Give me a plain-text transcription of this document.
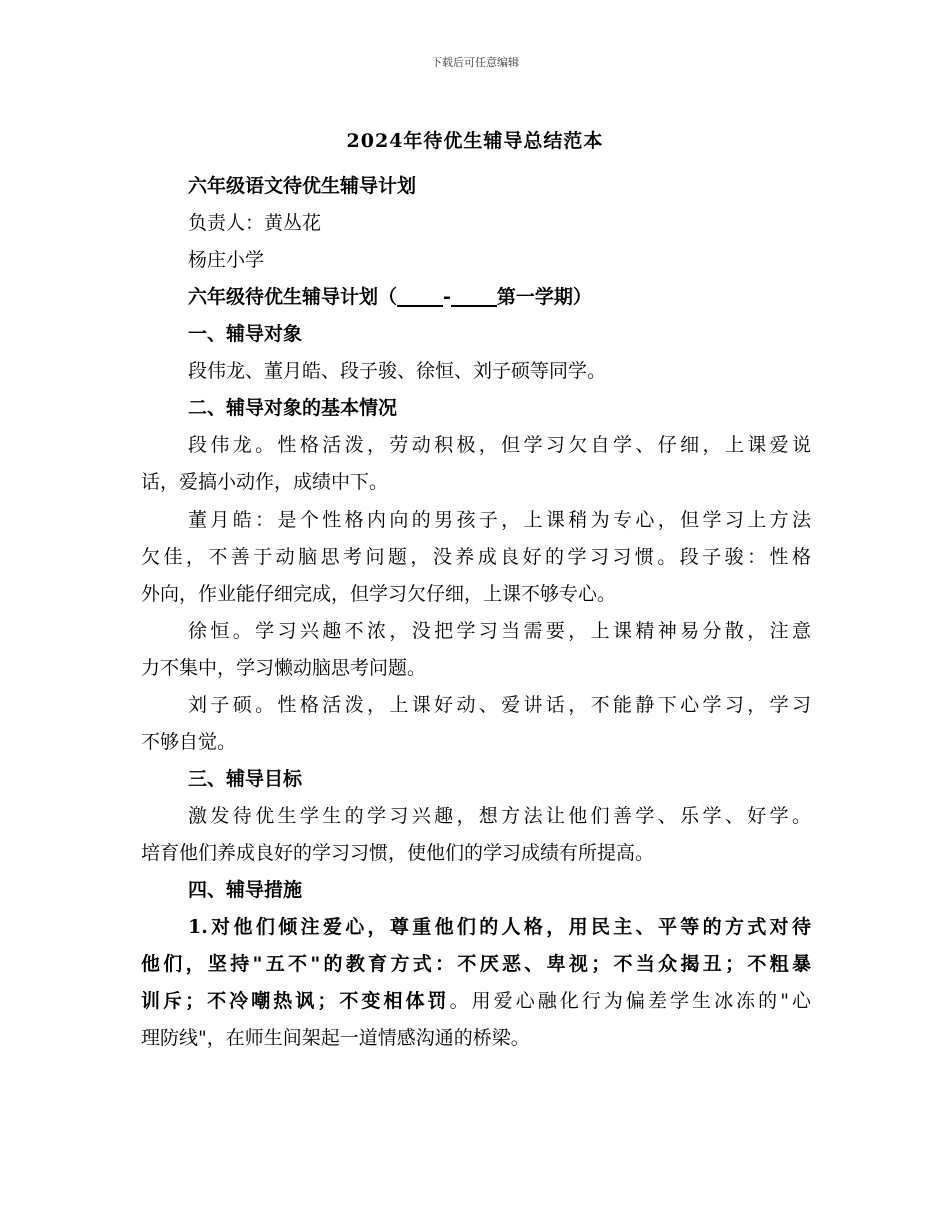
下载后可任意编辑
2024年待优生辅导总结范本
六年级语文待优生辅导计划
负责人：黄丛花
杨庄小学
六年级待优生辅导计划（ - 第一学期）
一、辅导对象
段伟龙、董月皓、段子骏、徐恒、刘子硕等同学。
二、辅导对象的基本情况
段伟龙。性格活泼，劳动积极，但学习欠自学、仔细，上课爱说
话，爱搞小动作，成绩中下。
董月皓：是个性格内向的男孩子，上课稍为专心，但学习上方法
欠佳，不善于动脑思考问题，没养成良好的学习习惯。段子骏：性格
外向，作业能仔细完成，但学习欠仔细，上课不够专心。
徐恒。学习兴趣不浓，没把学习当需要，上课精神易分散，注意
力不集中，学习懒动脑思考问题。
刘子硕。性格活泼，上课好动、爱讲话，不能静下心学习，学习
不够自觉。
三、辅导目标
激发待优生学生的学习兴趣，想方法让他们善学、乐学、好学。
培育他们养成良好的学习习惯，使他们的学习成绩有所提高。
四、辅导措施
1.对他们倾注爱心，尊重他们的人格，用民主、平等的方式对待
他们，坚持"五不"的教育方式：不厌恶、卑视；不当众揭丑；不粗暴
训斥；不冷嘲热讽；不变相体罚。用爱心融化行为偏差学生冰冻的"心
理防线"，在师生间架起一道情感沟通的桥梁。
